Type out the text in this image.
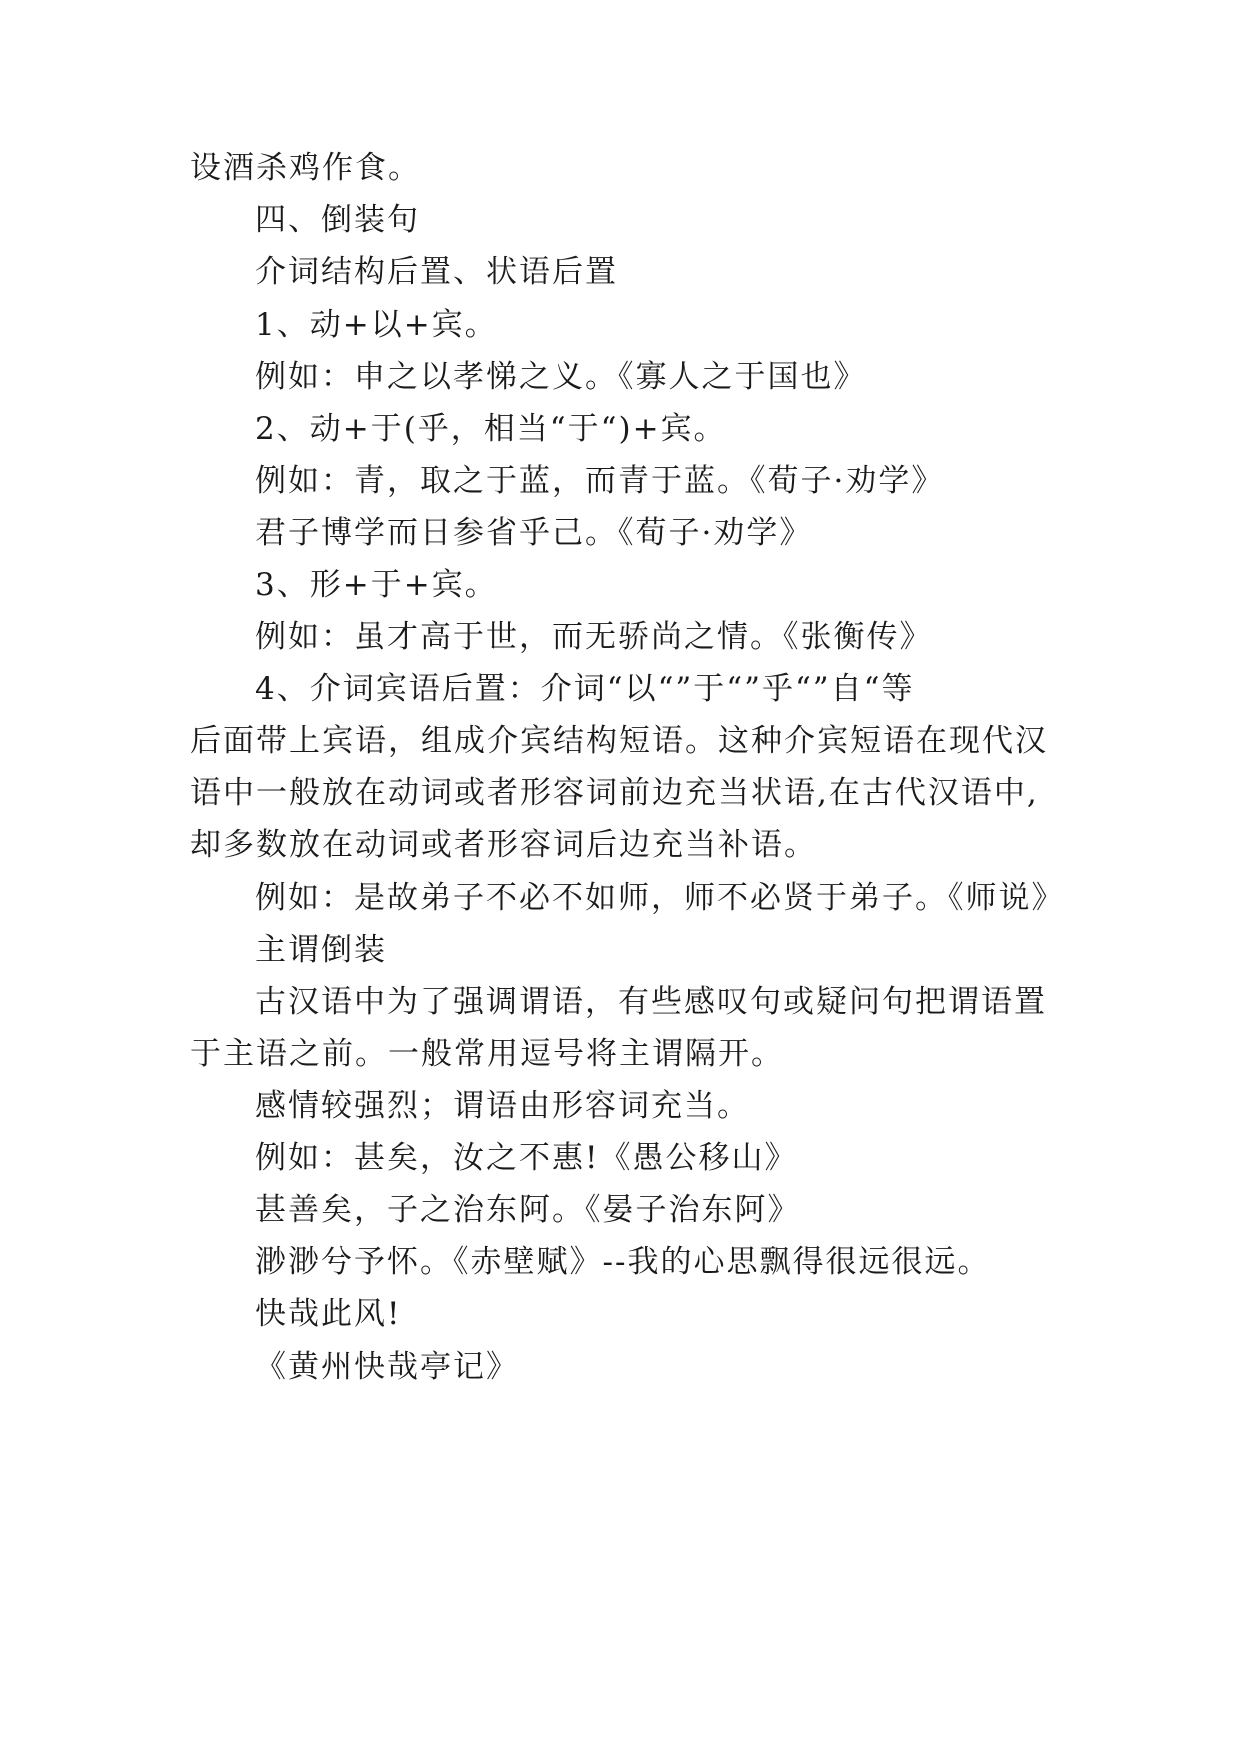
设酒杀鸡作食。
四、倒装句
介词结构后置、状语后置
1、动+以+宾。
例如：申之以孝悌之义。《寡人之于国也》
2、动+于(乎，相当“于“)+宾。
例如：青，取之于蓝，而青于蓝。《荀子·劝学》
君子博学而日参省乎己。《荀子·劝学》
3、形+于+宾。
例如：虽才高于世，而无骄尚之情。《张衡传》
4、介词宾语后置：介词“以“”于“”乎“”自“等
后面带上宾语，组成介宾结构短语。这种介宾短语在现代汉
语中一般放在动词或者形容词前边充当状语,在古代汉语中,
却多数放在动词或者形容词后边充当补语。
例如：是故弟子不必不如师，师不必贤于弟子。《师说》
主谓倒装
古汉语中为了强调谓语，有些感叹句或疑问句把谓语置
于主语之前。一般常用逗号将主谓隔开。
感情较强烈；谓语由形容词充当。
例如：甚矣，汝之不惠!《愚公移山》
甚善矣，子之治东阿。《晏子治东阿》
渺渺兮予怀。《赤壁赋》--我的心思飘得很远很远。
快哉此风!
《黄州快哉亭记》
